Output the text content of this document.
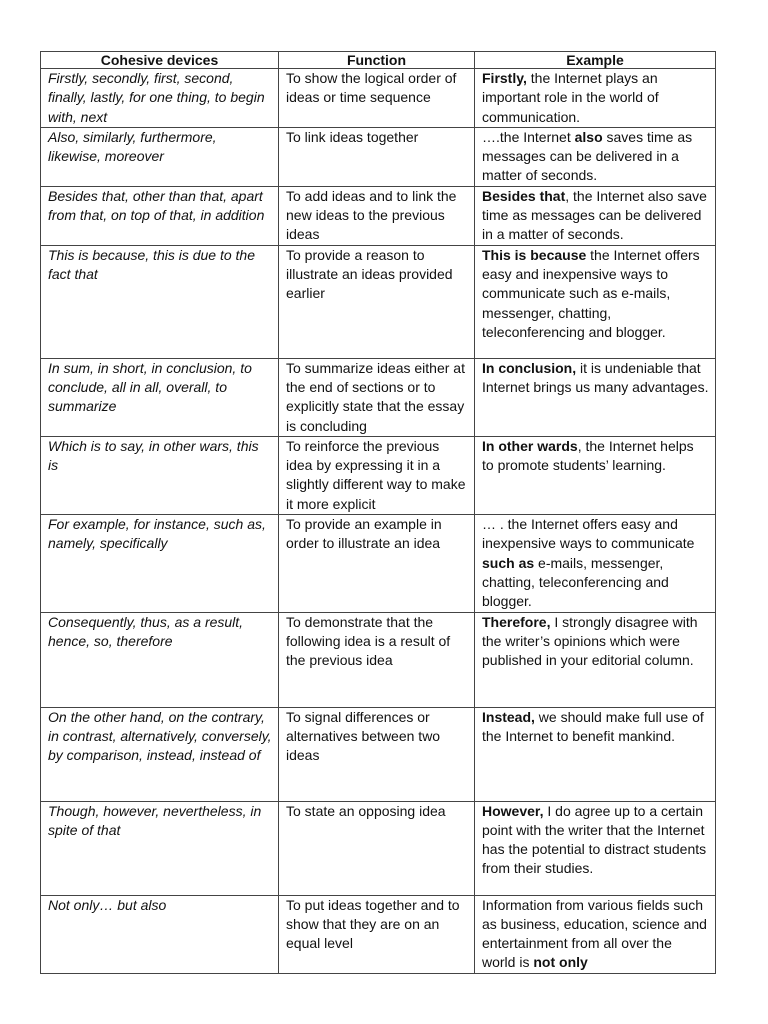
Cohesive devices	Function	Example
Firstly, secondly, first, second, finally, lastly, for one thing, to begin with, next	To show the logical order of ideas or time sequence	Firstly, the Internet plays an important role in the world of communication.
Also, similarly, furthermore, likewise, moreover	To link ideas together	….the Internet also saves time as messages can be delivered in a matter of seconds.
Besides that, other than that, apart from that, on top of that, in addition	To add ideas and to link the new ideas to the previous ideas	Besides that, the Internet also save time as messages can be delivered in a matter of seconds.
This is because, this is due to the fact that	To provide a reason to illustrate an ideas provided earlier	This is because the Internet offers easy and inexpensive ways to communicate such as e-mails, messenger, chatting, teleconferencing and blogger.
In sum, in short, in conclusion, to conclude, all in all, overall, to summarize	To summarize ideas either at the end of sections or to explicitly state that the essay is concluding	In conclusion, it is undeniable that Internet brings us many advantages.
Which is to say, in other wars, this is	To reinforce the previous idea by expressing it in a slightly different way to make it more explicit	In other wards, the Internet helps to promote students’ learning.
For example, for instance, such as, namely, specifically	To provide an example in order to illustrate an idea	… . the Internet offers easy and inexpensive ways to communicate such as e-mails, messenger, chatting, teleconferencing and blogger.
Consequently, thus, as a result, hence, so, therefore	To demonstrate that the following idea is a result of the previous idea	Therefore, I strongly disagree with the writer’s opinions which were published in your editorial column.
On the other hand, on the contrary, in contrast, alternatively, conversely, by comparison, instead, instead of	To signal differences or alternatives between two ideas	Instead, we should make full use of the Internet to benefit mankind.
Though, however, nevertheless, in spite of that	To state an opposing idea	However, I do agree up to a certain point with the writer that the Internet has the potential to distract students from their studies.
Not only… but also	To put ideas together and to show that they are on an equal level	Information from various fields such as business, education, science and entertainment from all over the world is not only
